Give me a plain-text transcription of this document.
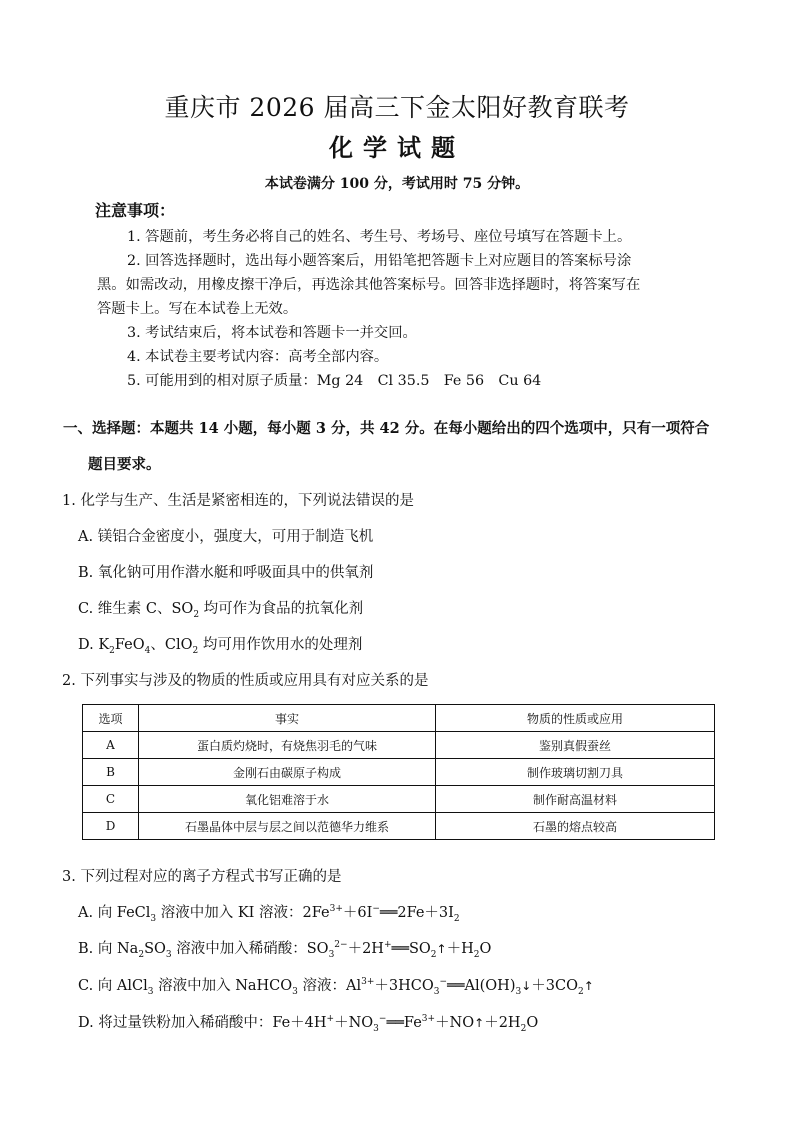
重庆市 2026 届高三下金太阳好教育联考
化学试题
本试卷满分 100 分，考试用时 75 分钟。
注意事项：
1. 答题前，考生务必将自己的姓名、考生号、考场号、座位号填写在答题卡上。
2. 回答选择题时，选出每小题答案后，用铅笔把答题卡上对应题目的答案标号涂
黑。如需改动，用橡皮擦干净后，再选涂其他答案标号。回答非选择题时，将答案写在
答题卡上。写在本试卷上无效。
3. 考试结束后，将本试卷和答题卡一并交回。
4. 本试卷主要考试内容：高考全部内容。
5. 可能用到的相对原子质量：Mg 24　Cl 35.5　Fe 56　Cu 64
一、选择题：本题共 14 小题，每小题 3 分，共 42 分。在每小题给出的四个选项中，只有一项符合
题目要求。
1. 化学与生产、生活是紧密相连的，下列说法错误的是
A. 镁铝合金密度小，强度大，可用于制造飞机
B. 氧化钠可用作潜水艇和呼吸面具中的供氧剂
C. 维生素 C、$SO_2$ 均可作为食品的抗氧化剂
D. $K_2FeO_4$、ClO$_2$ 均可用作饮用水的处理剂
2. 下列事实与涉及的物质的性质或应用具有对应关系的是
选项	事实	物质的性质或应用
A	蛋白质灼烧时，有烧焦羽毛的气味	鉴别真假蚕丝
B	金刚石由碳原子构成	制作玻璃切割刀具
C	氧化铝难溶于水	制作耐高温材料
D	石墨晶体中层与层之间以范德华力维系	石墨的熔点较高
3. 下列过程对应的离子方程式书写正确的是
A. 向 FeCl$_3$ 溶液中加入 KI 溶液：$2Fe^{3+}+6I^-══2Fe+3I_2$
B. 向 $Na_2SO_3$ 溶液中加入稀硝酸：$SO_3^{2-}+2H^+══SO_2↑+H_2O$
C. 向 AlCl$_3$ 溶液中加入 NaHCO$_3$ 溶液：$Al^{3+}+3HCO_3^-══Al(OH)_3↓+3CO_2↑$
D. 将过量铁粉加入稀硝酸中：$Fe+4H^++NO_3^-══Fe^{3+}+NO↑+2H_2O$
